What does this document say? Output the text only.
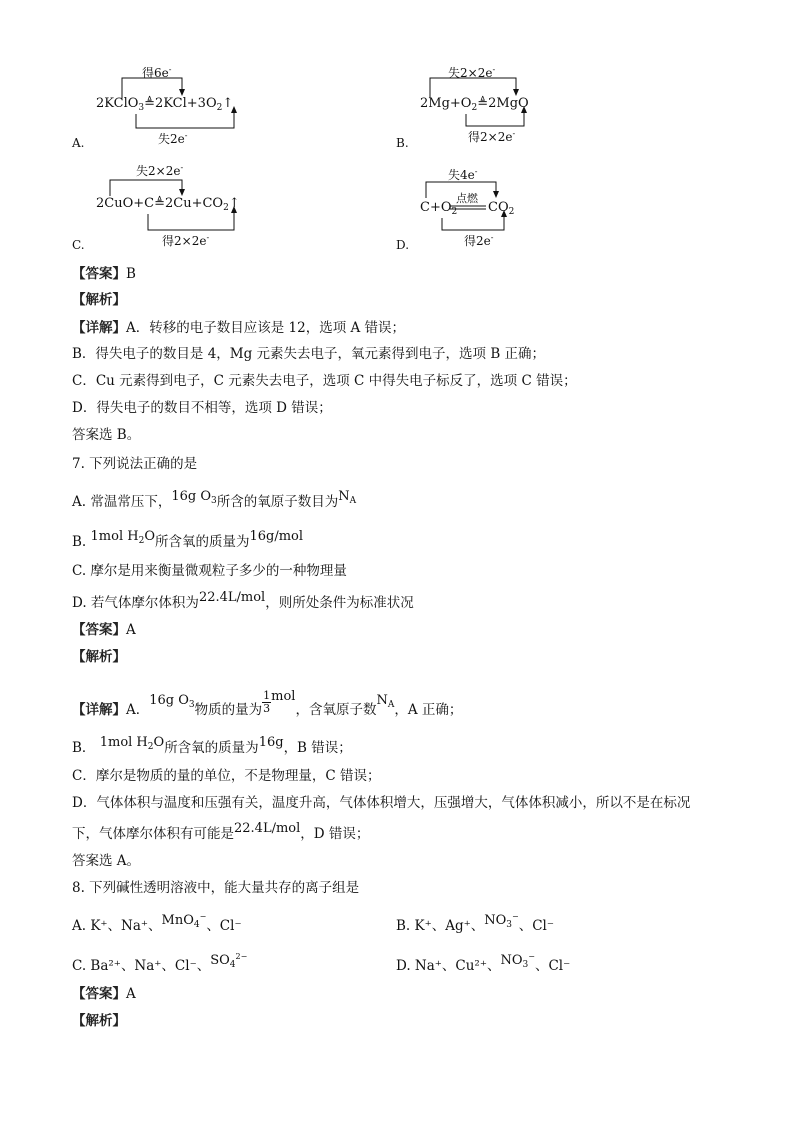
得6e-
$2KClO_3≜2KCl+3O_2↑$
失2e-
A.
失2×2e-
$2Mg+O_2≜2MgO$
得2×2e-
B.
失2×2e-
$2CuO+C≜2Cu+CO_2↑$
得2×2e-
C.
失4e-
$C+O_2$
点燃
$CO_2$
得2e-
D.
【答案】B
【解析】
【详解】A．转移的电子数目应该是 12，选项 A 错误；
B．得失电子的数目是 4，Mg 元素失去电子，氧元素得到电子，选项 B 正确；
C．Cu 元素得到电子，C 元素失去电子，选项 C 中得失电子标反了，选项 C 错误；
D．得失电子的数目不相等，选项 D 错误；
答案选 B。
7. 下列说法正确的是
A. 常温常压下，16g $O_3$所含的氧原子数目为$N_A$
B. 1mol $H_2O$所含氧的质量为16g/mol
C. 摩尔是用来衡量微观粒子多少的一种物理量
D. 若气体摩尔体积为22.4L/mol，则所处条件为标准状况
【答案】A
【解析】
【详解】A．16g $O_3$物质的量为 $\frac{1}{3}$ mol，含氧原子数$N_A$，A 正确；
B． 1mol $H_2O$所含氧的质量为16g，B 错误；
C．摩尔是物质的量的单位，不是物理量，C 错误；
D．气体体积与温度和压强有关，温度升高，气体体积增大，压强增大，气体体积减小，所以不是在标况
下，气体摩尔体积有可能是22.4L/mol，D 错误；
答案选 A。
8. 下列碱性透明溶液中，能大量共存的离子组是
A. K⁺、Na⁺、MnO$_4$−、Cl⁻	B. K⁺、Ag⁺、$NO_3^-$、Cl⁻
C. Ba²⁺、Na⁺、Cl⁻、$SO_4^{2-}$
D. Na⁺、Cu²⁺、$NO_3^-$、Cl⁻
【答案】A
【解析】
